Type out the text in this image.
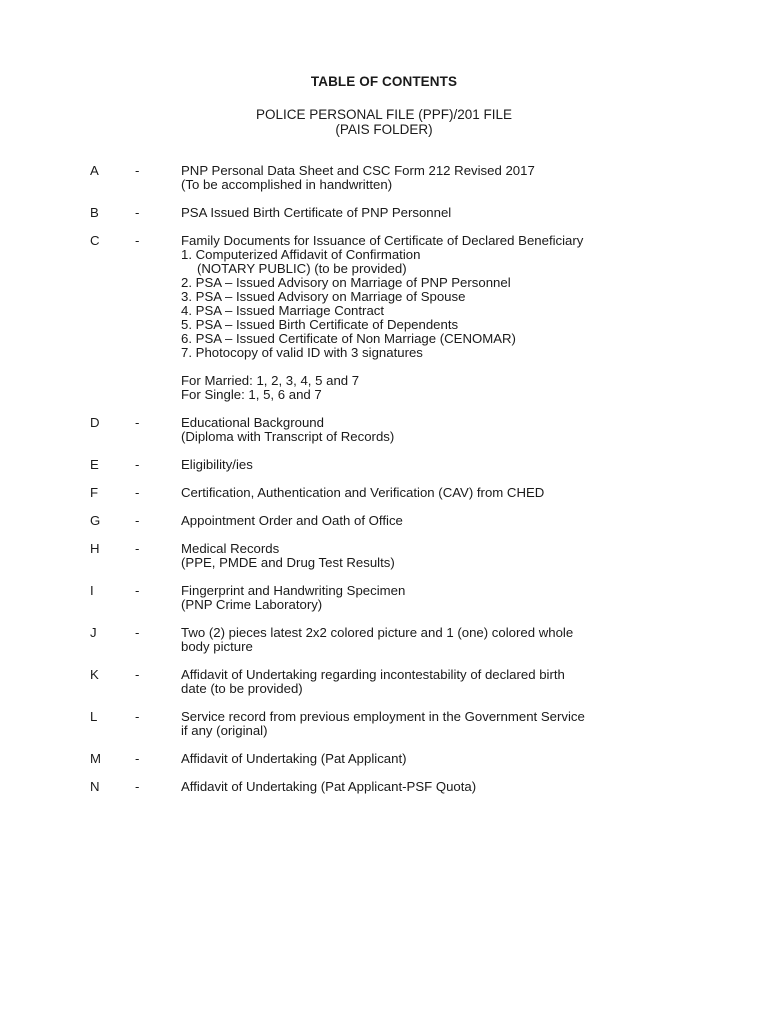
TABLE OF CONTENTS
POLICE PERSONAL FILE (PPF)/201 FILE
(PAIS FOLDER)
A	-	PNP Personal Data Sheet and CSC Form 212 Revised 2017
(To be accomplished in handwritten)
B	-	PSA Issued Birth Certificate of PNP Personnel
C	-	Family Documents for Issuance of Certificate of Declared Beneficiary
1. Computerized Affidavit of Confirmation
(NOTARY PUBLIC) (to be provided)
2. PSA – Issued Advisory on Marriage of PNP Personnel
3. PSA – Issued Advisory on Marriage of Spouse
4. PSA – Issued Marriage Contract
5. PSA – Issued Birth Certificate of Dependents
6. PSA – Issued Certificate of Non Marriage (CENOMAR)
7. Photocopy of valid ID with 3 signatures
For Married: 1, 2, 3, 4, 5 and 7
For Single: 1, 5, 6 and 7
D	-	Educational Background
(Diploma with Transcript of Records)
E	-	Eligibility/ies
F	-	Certification, Authentication and Verification (CAV) from CHED
G	-	Appointment Order and Oath of Office
H	-	Medical Records
(PPE, PMDE and Drug Test Results)
I	-	Fingerprint and Handwriting Specimen
(PNP Crime Laboratory)
J	-	Two (2) pieces latest 2x2 colored picture and 1 (one) colored whole
body picture
K	-	Affidavit of Undertaking regarding incontestability of declared birth
date (to be provided)
L	-	Service record from previous employment in the Government Service
if any (original)
M	-	Affidavit of Undertaking (Pat Applicant)
N	-	Affidavit of Undertaking (Pat Applicant-PSF Quota)
